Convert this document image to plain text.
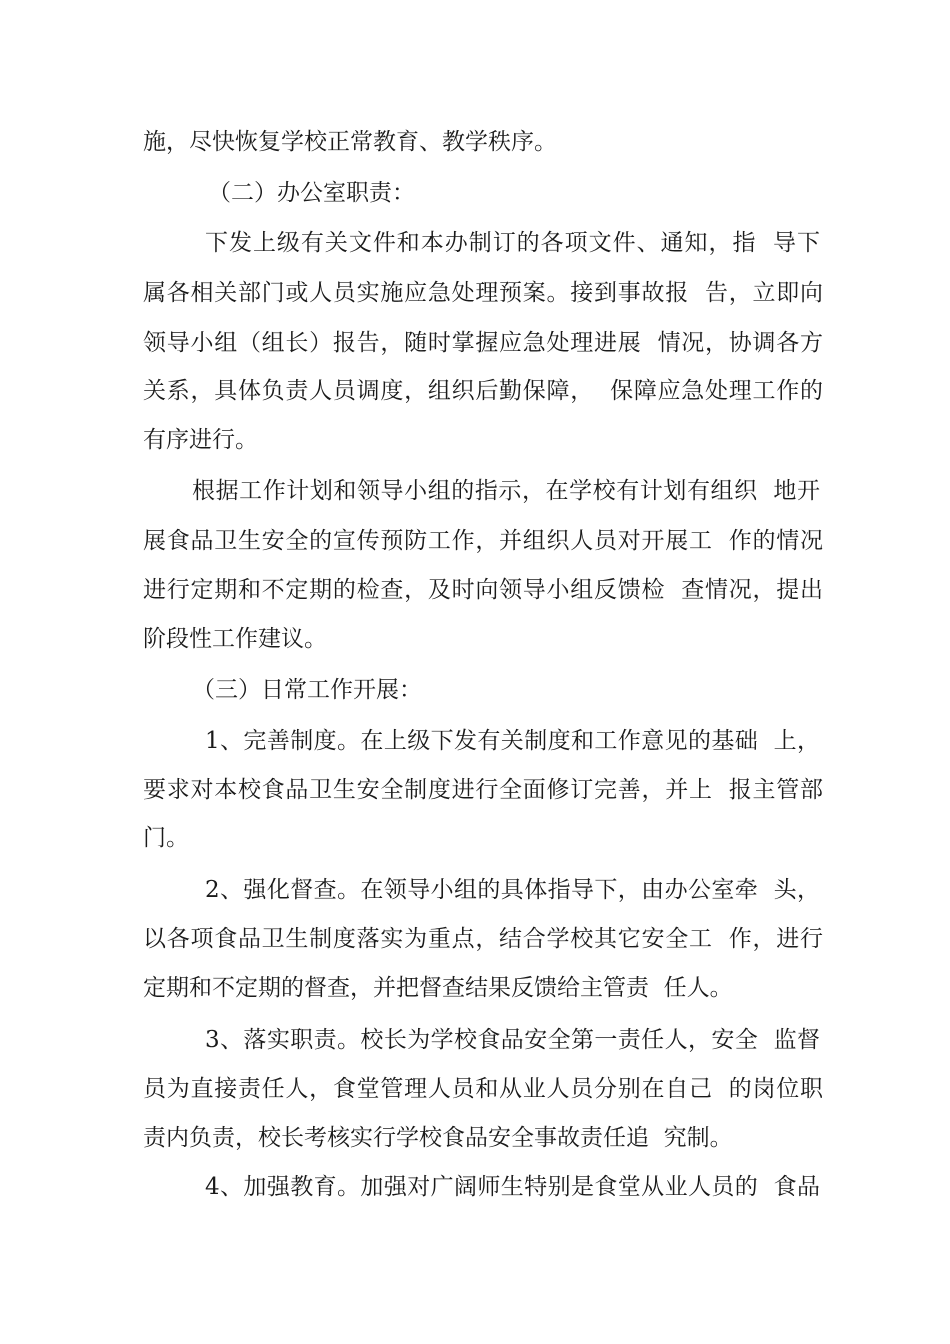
施，尽快恢复学校正常教育、教学秩序。
（二）办公室职责：
下发上级有关文件和本办制订的各项文件、通知，指  导下
属各相关部门或人员实施应急处理预案。接到事故报  告，立即向
领导小组（组长）报告，随时掌握应急处理进展  情况，协调各方
关系，具体负责人员调度，组织后勤保障，  保障应急处理工作的
有序进行。
根据工作计划和领导小组的指示，在学校有计划有组织  地开
展食品卫生安全的宣传预防工作，并组织人员对开展工  作的情况
进行定期和不定期的检查，及时向领导小组反馈检  查情况，提出
阶段性工作建议。
（三）日常工作开展：
1、完善制度。在上级下发有关制度和工作意见的基础  上，
要求对本校食品卫生安全制度进行全面修订完善，并上  报主管部
门。
2、强化督查。在领导小组的具体指导下，由办公室牵  头，
以各项食品卫生制度落实为重点，结合学校其它安全工  作，进行
定期和不定期的督查，并把督查结果反馈给主管责  任人。
3、落实职责。校长为学校食品安全第一责任人，安全  监督
员为直接责任人，食堂管理人员和从业人员分别在自己  的岗位职
责内负责，校长考核实行学校食品安全事故责任追  究制。
4、加强教育。加强对广阔师生特别是食堂从业人员的  食品
